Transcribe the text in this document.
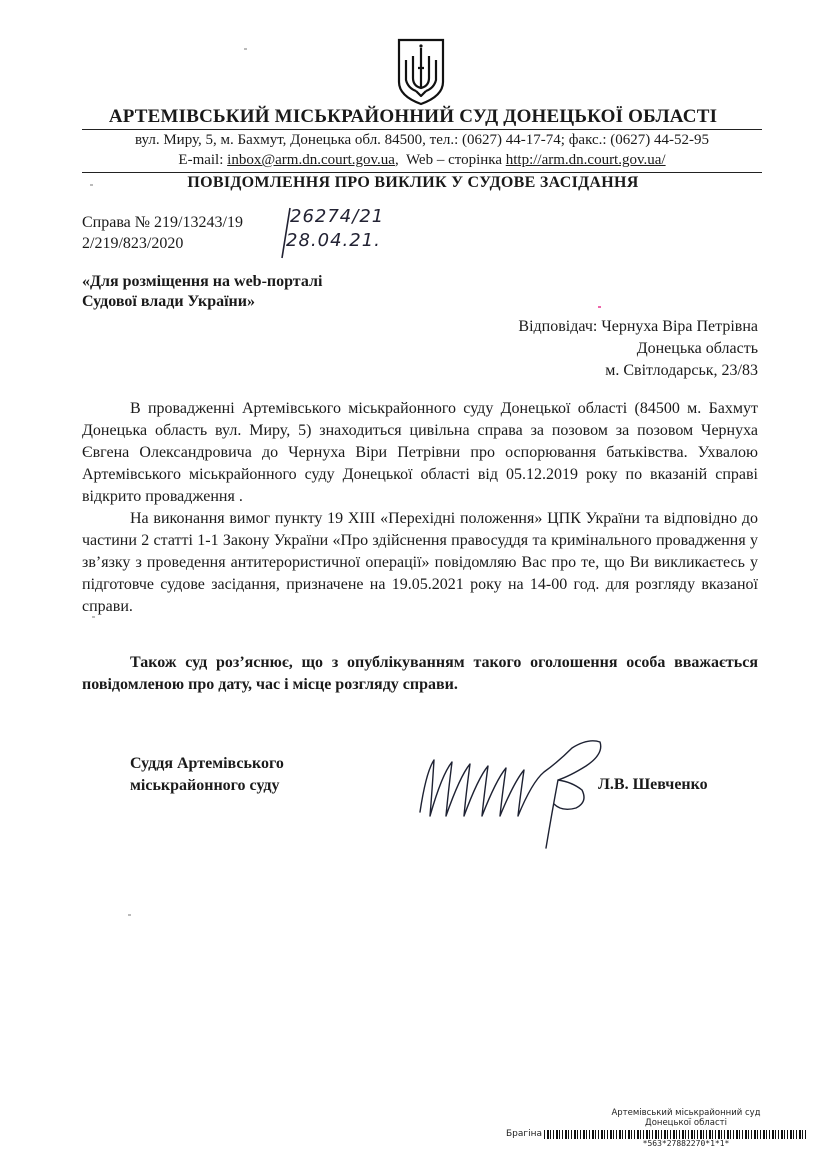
АРТЕМІВСЬКИЙ МІСЬКРАЙОННИЙ СУД ДОНЕЦЬКОЇ ОБЛАСТІ
вул. Миру, 5, м. Бахмут, Донецька обл. 84500, тел.: (0627) 44-17-74; факс.: (0627) 44-52-95
E-mail: inbox@arm.dn.court.gov.ua,  Web – сторінка http://arm.dn.court.gov.ua/
ПОВІДОМЛЕННЯ ПРО ВИКЛИК У СУДОВЕ ЗАСІДАННЯ
Справа № 219/13243/19
2/219/823/2020
26274/21
28.04.21.
«Для розміщення на web-порталі
Судової влади України»
Відповідач: Чернуха Віра Петрівна
Донецька область
м. Світлодарськ, 23/83

В провадженні Артемівського міськрайонного суду Донецької області (84500 м. Бахмут Донецька область вул. Миру, 5) знаходиться цивільна справа за позовом за позовом Чернуха Євгена Олександровича до Чернуха Віри Петрівни про оспорювання батьківства. Ухвалою Артемівського міськрайонного суду Донецької області від 05.12.2019 року по вказаній справі відкрито провадження .

На виконання вимог пункту 19 ХІІІ «Перехідні положення» ЦПК України та відповідно до частини 2 статті 1-1 Закону України «Про здійснення правосуддя та кримінального провадження у зв’язку з проведення антитерористичної операції» повідомляю Вас про те, що Ви викликаєтесь у підготовче судове засідання, призначене на 19.05.2021 року на 14-00 год. для розгляду вказаної справи.

Також суд роз’яснює, що з опублікуванням такого оголошення особа вважається повідомленою про дату, час і місце розгляду справи.
Суддя Артемівського
міськрайонного суду	Л.В. Шевченко
Артемівський міськрайонний суд
Донецької області
Брагіна
*563*27882270*1*1*
